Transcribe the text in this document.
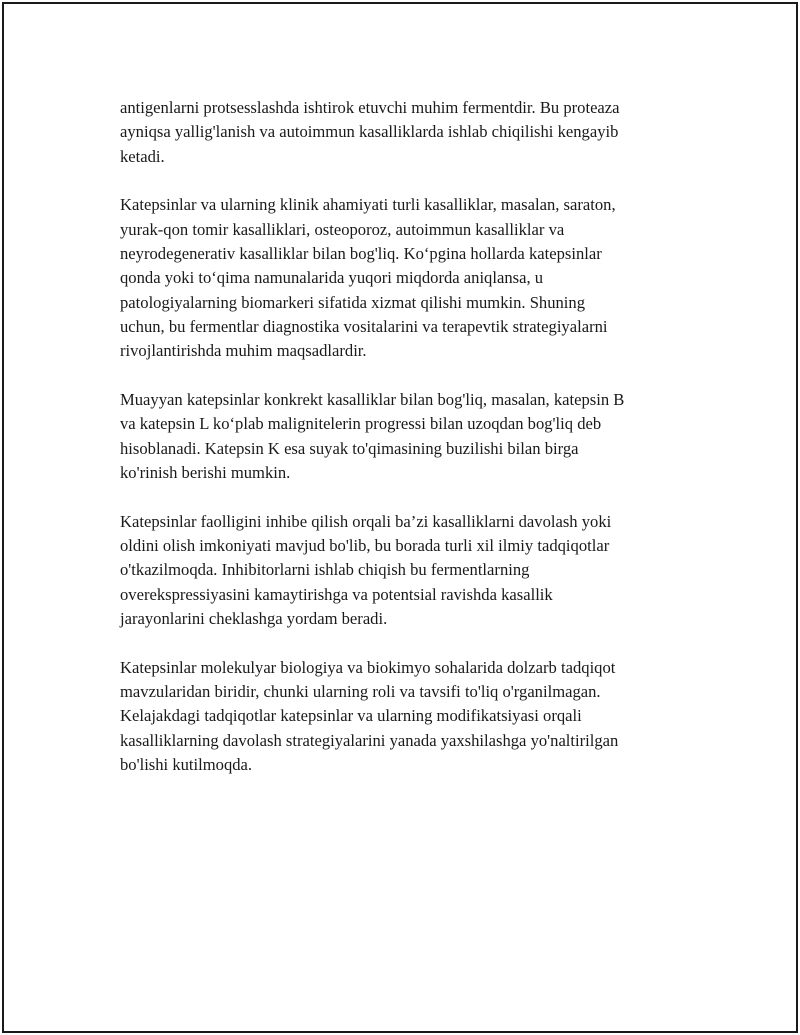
antigenlarni protsesslashda ishtirok etuvchi muhim fermentdir. Bu proteaza
ayniqsa yallig'lanish va autoimmun kasalliklarda ishlab chiqilishi kengayib
ketadi.

Katepsinlar va ularning klinik ahamiyati turli kasalliklar, masalan, saraton,
yurak-qon tomir kasalliklari, osteoporoz, autoimmun kasalliklar va
neyrodegenerativ kasalliklar bilan bog'liq. Ko‘pgina hollarda katepsinlar
qonda yoki to‘qima namunalarida yuqori miqdorda aniqlansa, u
patologiyalarning biomarkeri sifatida xizmat qilishi mumkin. Shuning
uchun, bu fermentlar diagnostika vositalarini va terapevtik strategiyalarni
rivojlantirishda muhim maqsadlardir.

Muayyan katepsinlar konkrekt kasalliklar bilan bog'liq, masalan, katepsin B
va katepsin L ko‘plab malignitelerin progressi bilan uzoqdan bog'liq deb
hisoblanadi. Katepsin K esa suyak to'qimasining buzilishi bilan birga
ko'rinish berishi mumkin.

Katepsinlar faolligini inhibe qilish orqali ba’zi kasalliklarni davolash yoki
oldini olish imkoniyati mavjud bo'lib, bu borada turli xil ilmiy tadqiqotlar
o'tkazilmoqda. Inhibitorlarni ishlab chiqish bu fermentlarning
overekspressiyasini kamaytirishga va potentsial ravishda kasallik
jarayonlarini cheklashga yordam beradi.

Katepsinlar molekulyar biologiya va biokimyo sohalarida dolzarb tadqiqot
mavzularidan biridir, chunki ularning roli va tavsifi to'liq o'rganilmagan.
Kelajakdagi tadqiqotlar katepsinlar va ularning modifikatsiyasi orqali
kasalliklarning davolash strategiyalarini yanada yaxshilashga yo'naltirilgan
bo'lishi kutilmoqda.
